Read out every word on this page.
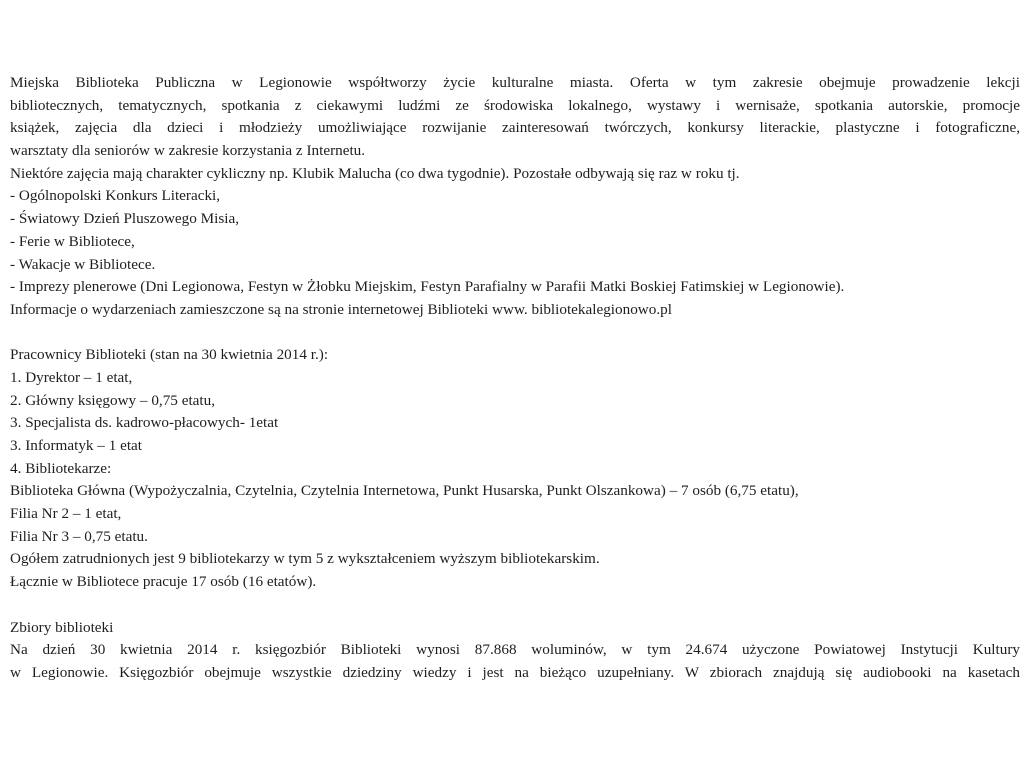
Miejska Biblioteka Publiczna w Legionowie współtworzy życie kulturalne miasta. Oferta w tym zakresie obejmuje prowadzenie lekcji
bibliotecznych, tematycznych, spotkania z ciekawymi ludźmi ze środowiska lokalnego, wystawy i wernisaże, spotkania autorskie, promocje
książek, zajęcia dla dzieci i młodzieży umożliwiające rozwijanie zainteresowań twórczych, konkursy literackie, plastyczne i fotograficzne,
warsztaty dla seniorów w zakresie korzystania z Internetu.
Niektóre zajęcia mają charakter cykliczny np. Klubik Malucha (co dwa tygodnie). Pozostałe odbywają się raz w roku tj.
- Ogólnopolski Konkurs Literacki,
- Światowy Dzień Pluszowego Misia,
- Ferie w Bibliotece,
- Wakacje w Bibliotece.
- Imprezy plenerowe (Dni Legionowa, Festyn w Żłobku Miejskim, Festyn Parafialny w Parafii Matki Boskiej Fatimskiej w Legionowie).
Informacje o wydarzeniach zamieszczone są na stronie internetowej Biblioteki www. bibliotekalegionowo.pl
Pracownicy Biblioteki (stan na 30 kwietnia 2014 r.):
1. Dyrektor – 1 etat,
2. Główny księgowy – 0,75 etatu,
3. Specjalista ds. kadrowo-płacowych- 1etat
3. Informatyk – 1 etat
4. Bibliotekarze:
Biblioteka Główna (Wypożyczalnia, Czytelnia, Czytelnia Internetowa, Punkt Husarska, Punkt Olszankowa) – 7 osób (6,75 etatu),
Filia Nr 2 – 1 etat,
Filia Nr 3 – 0,75 etatu.
Ogółem zatrudnionych jest 9 bibliotekarzy w tym 5 z wykształceniem wyższym bibliotekarskim.
Łącznie w Bibliotece pracuje 17 osób (16 etatów).
Zbiory biblioteki
Na dzień 30 kwietnia 2014 r. księgozbiór Biblioteki wynosi 87.868 woluminów, w tym 24.674 użyczone Powiatowej Instytucji Kultury
w Legionowie. Księgozbiór obejmuje wszystkie dziedziny wiedzy i jest na bieżąco uzupełniany. W zbiorach znajdują się audiobooki na kasetach
